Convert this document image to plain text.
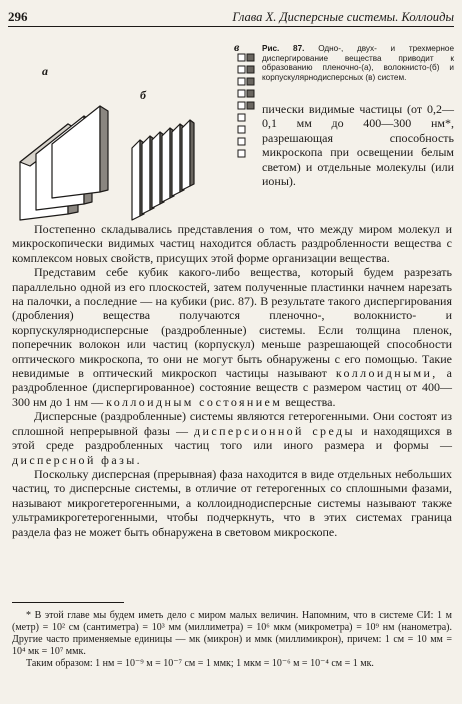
296	Глава X. Дисперсные системы. Коллоиды
а
б
в	Рис. 87. Одно-, двух- и трехмерное диспергирование вещества приводит к образованию пленочно-(а), волокнисто-(б) и корпускулярнодисперсных (в) систем.
пически видимые частицы (от 0,2—0,1 мм до 400—300 нм*, разрешающая способность микроскопа при освещении белым светом) и отдельные молекулы (или ионы).

Постепенно складывались представления о том, что между миром молекул и микроскопически видимых частиц находится область раздробленности вещества с комплексом новых свойств, присущих этой форме организации вещества.

Представим себе кубик какого-либо вещества, который будем разрезать параллельно одной из его плоскостей, затем полученные пластинки начнем нарезать на палочки, а последние — на кубики (рис. 87). В результате такого диспергирования (дробления) вещества получаются пленочно-, волокнисто- и корпускулярнодисперсные (раздробленные) системы. Если толщина пленок, поперечник волокон или частиц (корпускул) меньше разрешающей способности оптического микроскопа, то они не могут быть обнаружены с его помощью. Такие невидимые в оптический микроскоп частицы называют коллоидными, а раздробленное (диспергированное) состояние веществ с размером частиц от 400—300 нм до 1 нм — коллоидным состоянием вещества.

Дисперсные (раздробленные) системы являются гетерогенными. Они состоят из сплошной непрерывной фазы — дисперсионной среды и находящихся в этой среде раздробленных частиц того или иного размера и формы — дисперсной фазы.

Поскольку дисперсная (прерывная) фаза находится в виде отдельных небольших частиц, то дисперсные системы, в отличие от гетерогенных со сплошными фазами, называют микрогетерогенными, а коллоиднодисперсные системы называют также ультрамикрогетерогенными, чтобы подчеркнуть, что в этих системах граница раздела фаз не может быть обнаружена в световом микроскопе.

* В этой главе мы будем иметь дело с миром малых величин. Напомним, что в системе СИ: 1 м (метр) = 10² см (сантиметра) = 10³ мм (миллиметра) = 10⁶ мкм (микрометра) = 10⁹ нм (нанометра). Другие часто применяемые единицы — мк (микрон) и ммк (миллимикрон), причем: 1 см = 10 мм = 10⁴ мк = 10⁷ ммк.

Таким образом: 1 нм = 10⁻⁹ м = 10⁻⁷ см = 1 ммк; 1 мкм = 10⁻⁶ м = 10⁻⁴ см = 1 мк.
